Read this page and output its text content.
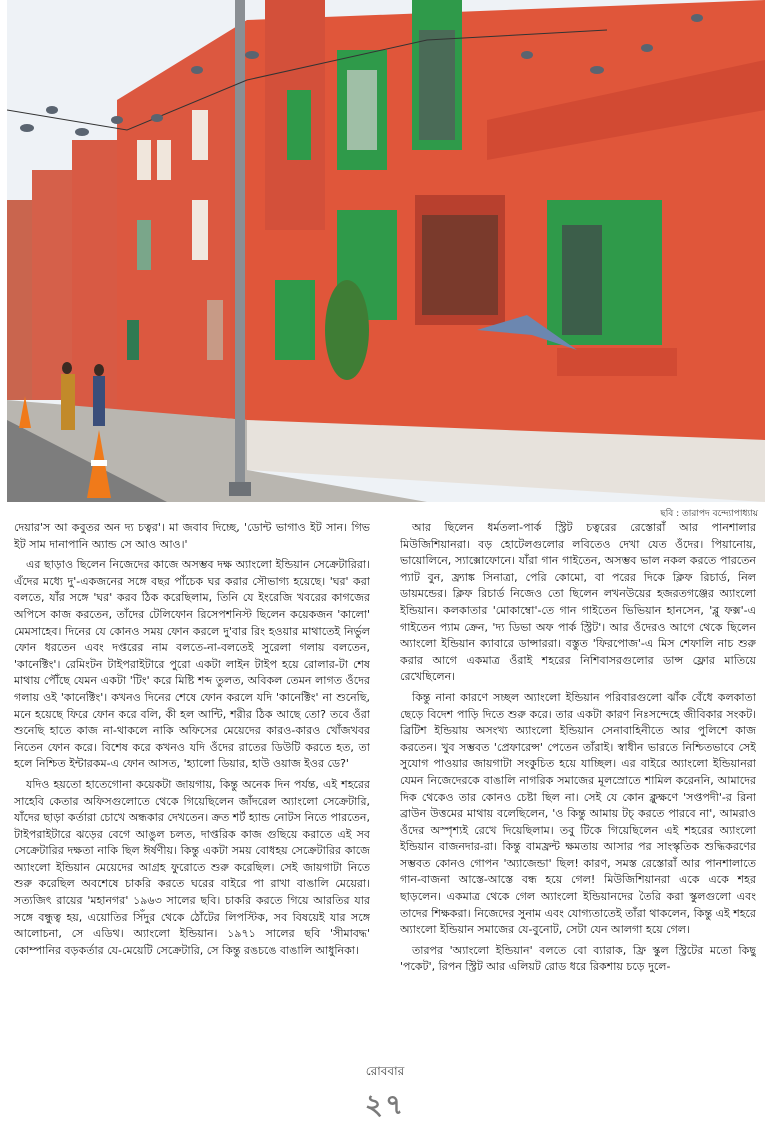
ছবি : তারাপদ বন্দ্যোপাধ্যায়

দেয়ার'স আ কবুতর অন দ্য চত্বর'। মা জবাব দিচ্ছে, 'ডোন্ট ভাগাও ইট সান। গিভ ইট সাম দানাপানি অ্যান্ড সে আও আও।'

এর ছাড়াও ছিলেন নিজেদের কাজে অসম্ভব দক্ষ অ্যাংলো ইন্ডিয়ান সেক্রেটারিরা। এঁদের মধ্যে দু'-একজনের সঙ্গে বছর পাঁচেক ঘর করার সৌভাগ্য হয়েছে। 'ঘর' করা বলতে, যাঁর সঙ্গে 'ঘর' করব ঠিক করেছিলাম, তিনি যে ইংরেজি খবরের কাগজের অপিসে কাজ করতেন, তাঁদের টেলিফোন রিসেপশনিস্ট ছিলেন কয়েকজন 'কালো' মেমসাহেব। দিনের যে কোনও সময় ফোন করলে দু'বার রিং হওয়ার মাথাতেই নির্ভুল ফোন ধরতেন এবং দপ্তরের নাম বলতে-না-বলতেই সুরেলা গলায় বলতেন, 'কানেক্টিং'। রেমিংটন টাইপরাইটারে পুরো একটা লাইন টাইপ হয়ে রোলার-টা শেষ মাথায় পৌঁছে যেমন একটা 'টিং' করে মিষ্টি শব্দ তুলত, অবিকল তেমন লাগত ওঁদের গলায় ওই 'কানেক্টিং'। কখনও দিনের শেষে ফোন করলে যদি 'কানেক্টিং' না শুনেছি, মনে হয়েছে ফিরে ফোন করে বলি, কী হল আন্টি, শরীর ঠিক আছে তো? তবে ওঁরা শুনেছি হাতে কাজ না-থাকলে নাকি অফিসের মেয়েদের কারও-কারও খোঁজখবর নিতেন ফোন করে। বিশেষ করে কখনও যদি ওঁদের রাতের ডিউটি করতে হত, তা হলে নিশ্চিত ইন্টারকম-এ ফোন আসত, 'হ্যালো ডিয়ার, হাউ ওয়াজ ইওর ডে?'

যদিও হয়তো হাতেগোনা কয়েকটা জায়গায়, কিন্তু অনেক দিন পর্যন্ত, এই শহরের সাহেবি কেতার অফিসগুলোতে থেকে গিয়েছিলেন জাঁদরেল অ্যাংলো সেক্রেটারি, যাঁদের ছাড়া কর্তারা চোখে অন্ধকার দেখতেন। ক্রত শর্ট হ্যান্ড নোটস নিতে পারতেন, টাইপরাইটারে ঝড়ের বেগে আঙুল চলত, দাপ্তরিক কাজ গুছিয়ে করাতে এই সব সেক্রেটারির দক্ষতা নাকি ছিল ঈর্ষণীয়। কিন্তু একটা সময় বোধহয় সেক্রেটারির কাজে অ্যাংলো ইন্ডিয়ান মেয়েদের আগ্রহ ফুরোতে শুরু করেছিল। সেই জায়গাটা নিতে শুরু করেছিল অবশেষে চাকরি করতে ঘরের বাইরে পা রাখা বাঙালি মেয়েরা। সত্যজিৎ রায়ের 'মহানগর' ১৯৬৩ সালের ছবি। চাকরি করতে গিয়ে আরতির যার সঙ্গে বন্ধুত্ব হয়, এয়োতির সিঁদুর থেকে ঠোঁটের লিপস্টিক, সব বিষয়েই যার সঙ্গে আলোচনা, সে এডিথ। অ্যাংলো ইন্ডিয়ান। ১৯৭১ সালের ছবি 'সীমাবদ্ধ' কোম্পানির বড়কর্তার যে-মেয়েটি সেক্রেটারি, সে কিন্তু রঙচঙে বাঙালি আধুনিকা।

আর ছিলেন ধর্মতলা-পার্ক স্ট্রিট চত্বরের রেস্তোরাঁ আর পানশালার মিউজিশিয়ানরা। বড় হোটেলগুলোর লবিতেও দেখা যেত ওঁদের। পিয়ানোয়, ভায়োলিনে, স্যাক্সোফোনে। যাঁরা গান গাইতেন, অসম্ভব ভাল নকল করতে পারতেন প্যাট বুন, ফ্র্যাঙ্ক সিনাত্রা, পেরি কোমো, বা পরের দিকে ক্লিফ রিচার্ড, নিল ডায়মন্ডের। ক্লিফ রিচার্ড নিজেও তো ছিলেন লখনউয়ের হজরতগঞ্জের অ্যাংলো ইন্ডিয়ান। কলকাতার 'মোকাম্বো'-তে গান গাইতেন ভিভিয়ান হানসেন, 'ব্লু ফক্স'-এ গাইতেন প্যাম ক্রেন, 'দ্য ডিভা অফ পার্ক স্ট্রিট'। আর ওঁদেরও আগে থেকে ছিলেন অ্যাংলো ইন্ডিয়ান ক্যাবারে ডান্সাররা। বস্তুত 'ফিরপোজ'-এ মিস শেফালি নাচ শুরু করার আগে একমাত্র ওঁরাই শহরের নিশিবাসরগুলোর ডান্স ফ্লোর মাতিয়ে রেখেছিলেন।

কিন্তু নানা কারণে সচ্ছল অ্যাংলো ইন্ডিয়ান পরিবারগুলো ঝাঁক বেঁধে কলকাতা ছেড়ে বিদেশ পাড়ি দিতে শুরু করে। তার একটা কারণ নিঃসন্দেহে জীবিকার সংকট। ব্রিটিশ ইন্ডিয়ায় অসংখ্য অ্যাংলো ইন্ডিয়ান সেনাবাহিনীতে আর পুলিশে কাজ করতেন। খুব সম্ভবত 'প্রেফারেন্স' পেতেন তাঁরাই। স্বাধীন ভারতে নিশ্চিতভাবে সেই সুযোগ পাওয়ার জায়গাটা সংকুচিত হয়ে যাচ্ছিল। এর বাইরে অ্যাংলো ইন্ডিয়ানরা যেমন নিজেদেরকে বাঙালি নাগরিক সমাজের মূলস্রোতে শামিল করেননি, আমাদের দিক থেকেও তার কোনও চেষ্টা ছিল না। সেই যে কোন ক্লুক্ষণে 'সপ্তপদী'-র রিনা ব্রাউন উত্তমের মাথায় বলেছিলেন, 'ও কিন্তু আমায় টচ্ করতে পারবে না', আমরাও ওঁদের অস্পৃশ্যই রেখে দিয়েছিলাম। তবু টিকে গিয়েছিলেন এই শহরের অ্যাংলো ইন্ডিয়ান বাজনদার-রা। কিন্তু বামফ্রন্ট ক্ষমতায় আসার পর সাংস্কৃতিক শুদ্ধিকরণের সম্ভবত কোনও গোপন 'অ্যাজেন্ডা' ছিল! কারণ, সমস্ত রেস্তোরাঁ আর পানশালাতে গান-বাজনা আস্তে-আস্তে বন্ধ হয়ে গেল! মিউজিশিয়ানরা একে একে শহর ছাড়লেন। একমাত্র থেকে গেল অ্যাংলো ইন্ডিয়ানদের তৈরি করা স্কুলগুলো এবং তাদের শিক্ষকরা। নিজেদের সুনাম এবং যোগ্যতাতেই তাঁরা থাকলেন, কিন্তু এই শহরে অ্যাংলো ইন্ডিয়ান সমাজের যে-বুনোট, সেটা যেন আলগা হয়ে গেল।

তারপর 'অ্যাংলো ইন্ডিয়ান' বলতে বো ব্যারাক, ফ্রি স্কুল স্ট্রিটের মতো কিছু 'পকেট', রিপন স্ট্রিট আর এলিয়ট রোড ধরে রিকশায় চড়ে দুলে-

রোববার
২৭
